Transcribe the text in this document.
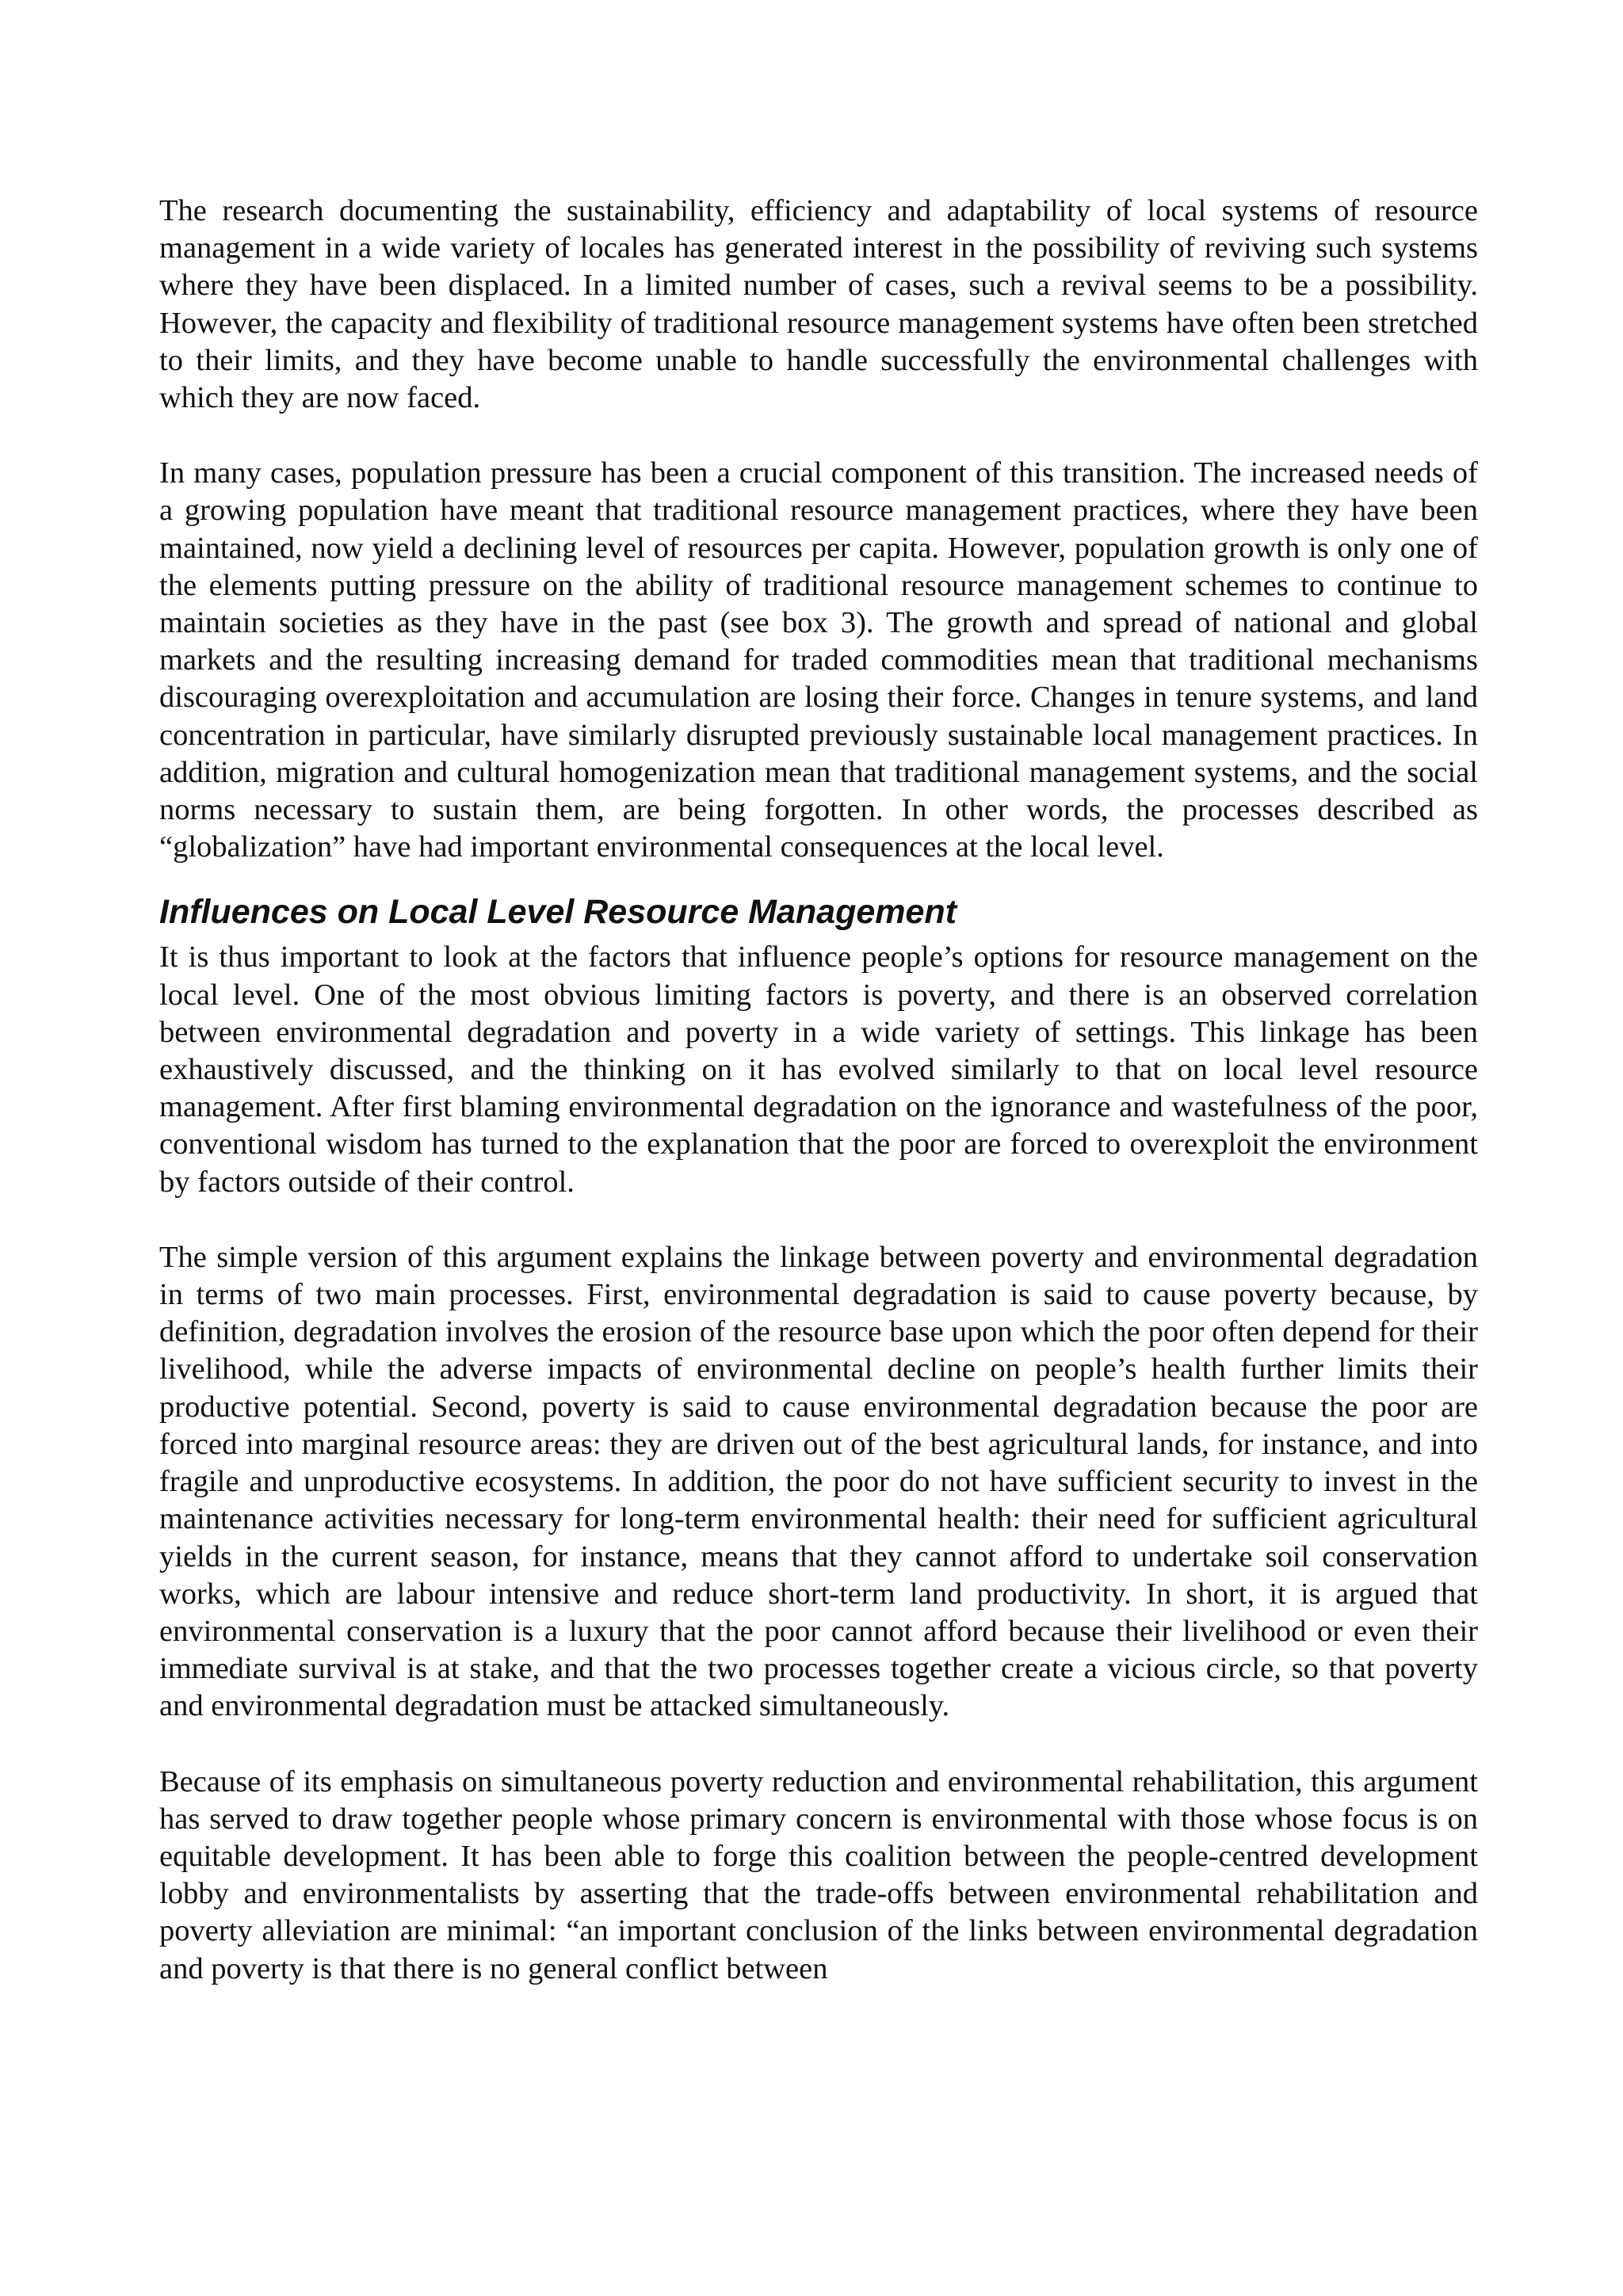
The research documenting the sustainability, efficiency and adaptability of local systems of resource management in a wide variety of locales has generated interest in the possibility of reviving such systems where they have been displaced. In a limited number of cases, such a revival seems to be a possibility. However, the capacity and flexibility of traditional resource management systems have often been stretched to their limits, and they have become unable to handle successfully the environmental challenges with which they are now faced.

In many cases, population pressure has been a crucial component of this transition. The increased needs of a growing population have meant that traditional resource management practices, where they have been maintained, now yield a declining level of resources per capita. However, population growth is only one of the elements putting pressure on the ability of traditional resource management schemes to continue to maintain societies as they have in the past (see box 3). The growth and spread of national and global markets and the resulting increasing demand for traded commodities mean that traditional mechanisms discouraging overexploitation and accumulation are losing their force. Changes in tenure systems, and land concentration in particular, have similarly disrupted previously sustainable local management practices. In addition, migration and cultural homogenization mean that traditional management systems, and the social norms necessary to sustain them, are being forgotten. In other words, the processes described as “globalization” have had important environmental consequences at the local level.

Influences on Local Level Resource Management

It is thus important to look at the factors that influence people’s options for resource management on the local level. One of the most obvious limiting factors is poverty, and there is an observed correlation between environmental degradation and poverty in a wide variety of settings. This linkage has been exhaustively discussed, and the thinking on it has evolved similarly to that on local level resource management. After first blaming environmental degradation on the ignorance and wastefulness of the poor, conventional wisdom has turned to the explanation that the poor are forced to overexploit the environment by factors outside of their control.

The simple version of this argument explains the linkage between poverty and environmental degradation in terms of two main processes. First, environmental degradation is said to cause poverty because, by definition, degradation involves the erosion of the resource base upon which the poor often depend for their livelihood, while the adverse impacts of environmental decline on people’s health further limits their productive potential. Second, poverty is said to cause environmental degradation because the poor are forced into marginal resource areas: they are driven out of the best agricultural lands, for instance, and into fragile and unproductive ecosystems. In addition, the poor do not have sufficient security to invest in the maintenance activities necessary for long-term environmental health: their need for sufficient agricultural yields in the current season, for instance, means that they cannot afford to undertake soil conservation works, which are labour intensive and reduce short-term land productivity. In short, it is argued that environmental conservation is a luxury that the poor cannot afford because their livelihood or even their immediate survival is at stake, and that the two processes together create a vicious circle, so that poverty and environmental degradation must be attacked simultaneously.

Because of its emphasis on simultaneous poverty reduction and environmental rehabilitation, this argument has served to draw together people whose primary concern is environmental with those whose focus is on equitable development. It has been able to forge this coalition between the people-centred development lobby and environmentalists by asserting that the trade-offs between environmental rehabilitation and poverty alleviation are minimal: “an important conclusion of the links between environmental degradation and poverty is that there is no general conflict between
